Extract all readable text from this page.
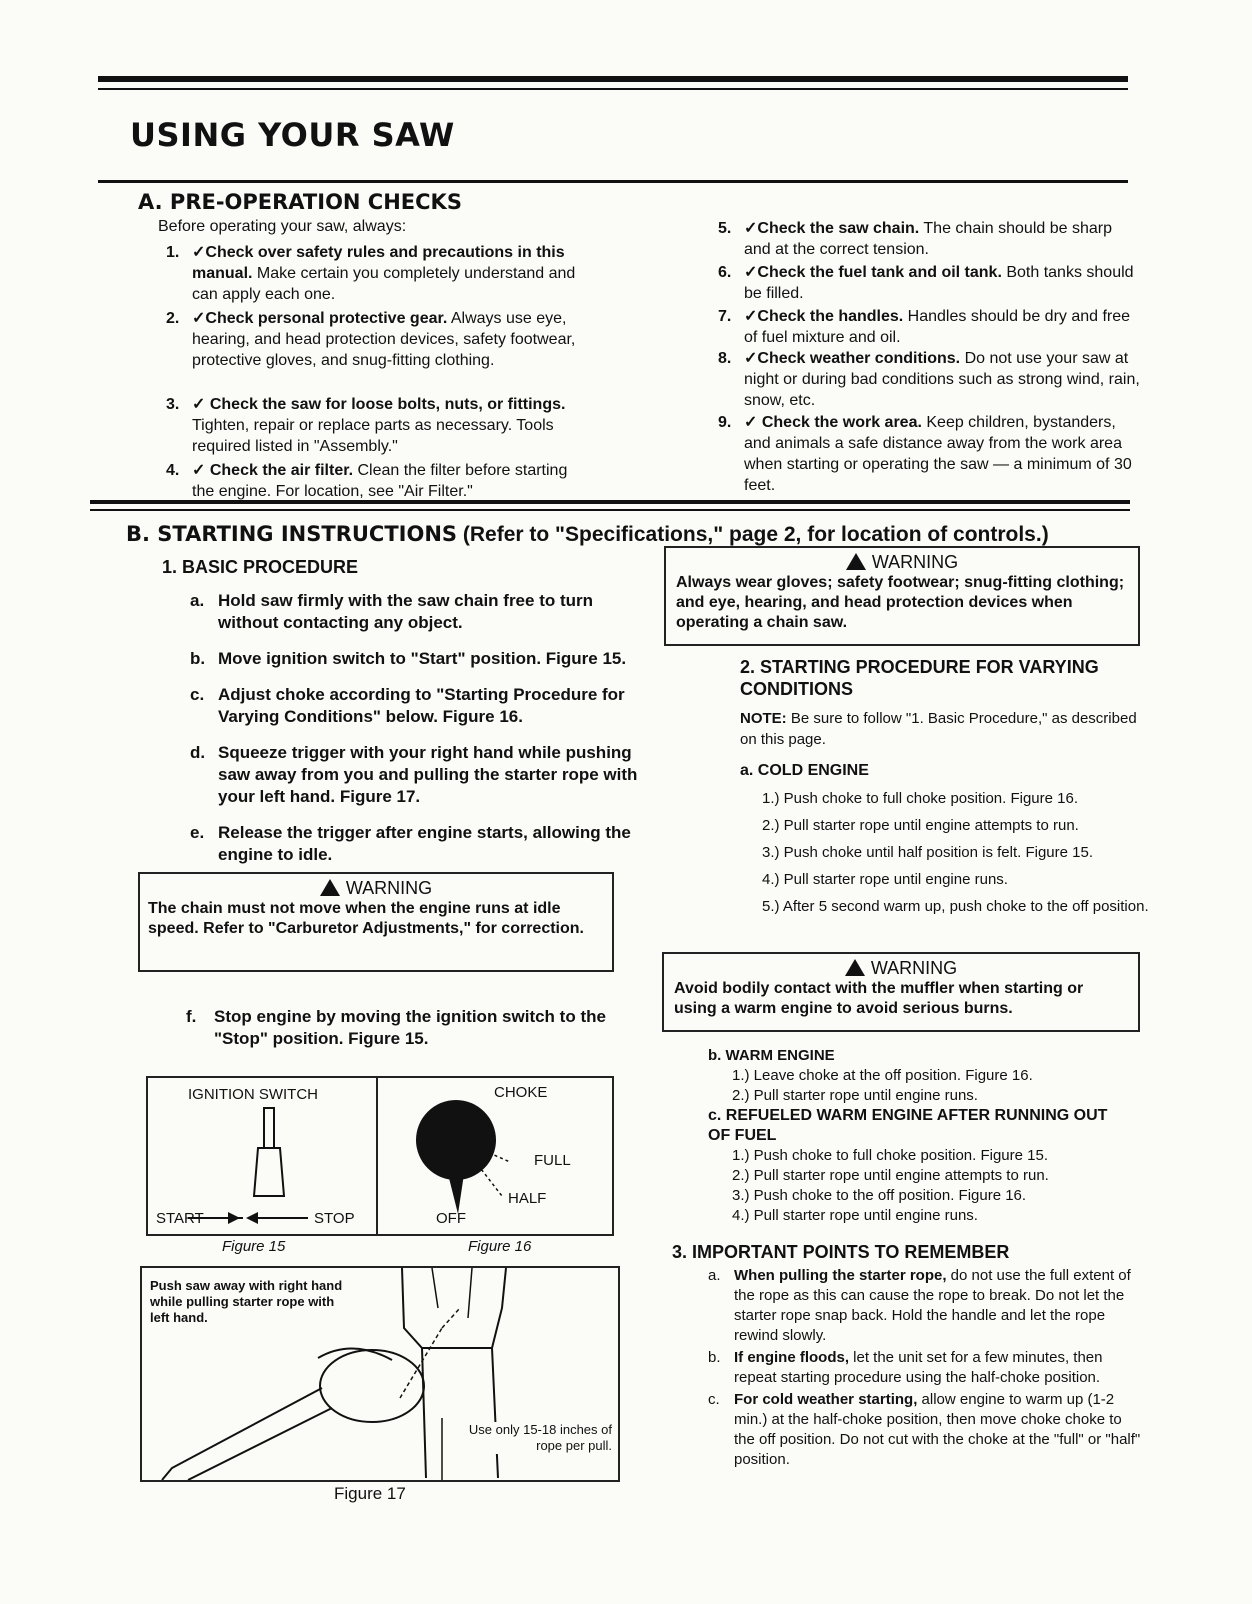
USING YOUR SAW
A. PRE-OPERATION CHECKS
Before operating your saw, always:
1. ✓Check over safety rules and precautions in this manual. Make certain you completely understand and can apply each one.
2. ✓Check personal protective gear. Always use eye, hearing, and head protection devices, safety footwear, protective gloves, and snug-fitting clothing.
3. ✓ Check the saw for loose bolts, nuts, or fittings. Tighten, repair or replace parts as necessary. Tools required listed in "Assembly."
4. ✓ Check the air filter. Clean the filter before starting the engine. For location, see "Air Filter."
5. ✓Check the saw chain. The chain should be sharp and at the correct tension.
6. ✓Check the fuel tank and oil tank. Both tanks should be filled.
7. ✓Check the handles. Handles should be dry and free of fuel mixture and oil.
8. ✓Check weather conditions. Do not use your saw at night or during bad conditions such as strong wind, rain, snow, etc.
9. ✓ Check the work area. Keep children, bystanders, and animals a safe distance away from the work area when starting or operating the saw — a minimum of 30 feet.
B. STARTING INSTRUCTIONS (Refer to "Specifications," page 2, for location of controls.)
1. BASIC PROCEDURE
a. Hold saw firmly with the saw chain free to turn without contacting any object.
b. Move ignition switch to "Start" position. Figure 15.
c. Adjust choke according to "Starting Procedure for Varying Conditions" below. Figure 16.
d. Squeeze trigger with your right hand while pushing saw away from you and pulling the starter rope with your left hand. Figure 17.
e. Release the trigger after engine starts, allowing the engine to idle.
WARNING
The chain must not move when the engine runs at idle speed. Refer to "Carburetor Adjustments," for correction.
f. Stop engine by moving the ignition switch to the "Stop" position. Figure 15.
IGNITION SWITCH
START	STOP
Figure 15
CHOKE
FULL
HALF
OFF
Figure 16
Push saw away with right hand while pulling starter rope with left hand.
Use only 15-18 inches of rope per pull.
Figure 17
WARNING
Always wear gloves; safety footwear; snug-fitting clothing; and eye, hearing, and head protection devices when operating a chain saw.
2. STARTING PROCEDURE FOR VARYING CONDITIONS
NOTE: Be sure to follow "1. Basic Procedure," as described on this page.
a. COLD ENGINE
1.) Push choke to full choke position. Figure 16.
2.) Pull starter rope until engine attempts to run.
3.) Push choke until half position is felt. Figure 15.
4.) Pull starter rope until engine runs.
5.) After 5 second warm up, push choke to the off position.
WARNING
Avoid bodily contact with the muffler when starting or using a warm engine to avoid serious burns.
b. WARM ENGINE
1.) Leave choke at the off position. Figure 16.
2.) Pull starter rope until engine runs.
c. REFUELED WARM ENGINE AFTER RUNNING OUT OF FUEL
1.) Push choke to full choke position. Figure 15.
2.) Pull starter rope until engine attempts to run.
3.) Push choke to the off position. Figure 16.
4.) Pull starter rope until engine runs.
3. IMPORTANT POINTS TO REMEMBER
a. When pulling the starter rope, do not use the full extent of the rope as this can cause the rope to break. Do not let the starter rope snap back. Hold the handle and let the rope rewind slowly.
b. If engine floods, let the unit set for a few minutes, then repeat starting procedure using the half-choke position.
c. For cold weather starting, allow engine to warm up (1-2 min.) at the half-choke position, then move choke choke to the off position. Do not cut with the choke at the "full" or "half" position.
